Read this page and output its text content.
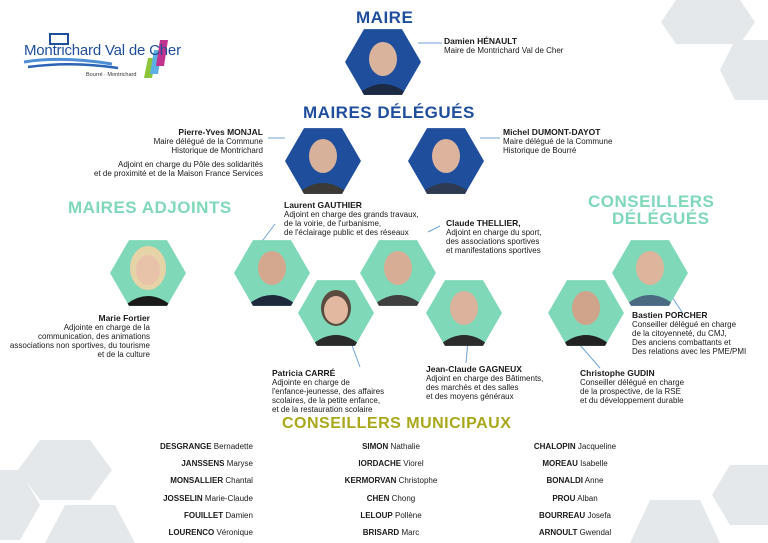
Montrichard Val de Cher
Bourré · Montrichard
MAIRE
MAIRES DÉLÉGUÉS
MAIRES ADJOINTS	CONSEILLERS
DÉLÉGUÉS
CONSEILLERS MUNICIPAUX
Damien HÉNAULT
Maire de Montrichard Val de Cher
Pierre-Yves MONJAL
Maire délégué de la Commune
Historique de Montrichard
Adjoint en charge du Pôle des solidarités
et de proximité et de la Maison France Services
Michel DUMONT-DAYOT
Maire délégué de la Commune
Historique de Bourré
Marie Fortier
Adjointe en charge de la
communication, des animations
associations non sportives, du tourisme
et de la culture
Laurent GAUTHIER
Adjoint en charge des grands travaux,
de la voirie, de l'urbanisme,
de l'éclairage public et des réseaux
Claude THELLIER,
Adjoint en charge du sport,
des associations sportives
et manifestations sportives
Patricia CARRÉ
Adjointe en charge de
l'enfance-jeunesse, des affaires
scolaires, de la petite enfance,
et de la restauration scolaire
Jean-Claude GAGNEUX
Adjoint en charge des Bâtiments,
des marchés et des salles
et des moyens généraux
Bastien PORCHER
Conseiller délégué en charge
de la citoyenneté, du CMJ,
Des anciens combattants et
Des relations avec les PME/PMI
Christophe GUDIN
Conseiller délégué en charge
de la prospective, de la RSE
et du développement durable
DESGRANGE Bernadette
JANSSENS Maryse
MONSALLIER Chantal
JOSSELIN Marie-Claude
FOUILLET Damien
LOURENCO Véronique
SIMON Nathalie
IORDACHE Viorel
KERMORVAN Christophe
CHEN Chong
LELOUP Pollène
BRISARD Marc
CHALOPIN Jacqueline
MOREAU Isabelle
BONALDI Anne
PROU Alban
BOURREAU Josefa
ARNOULT Gwendal
